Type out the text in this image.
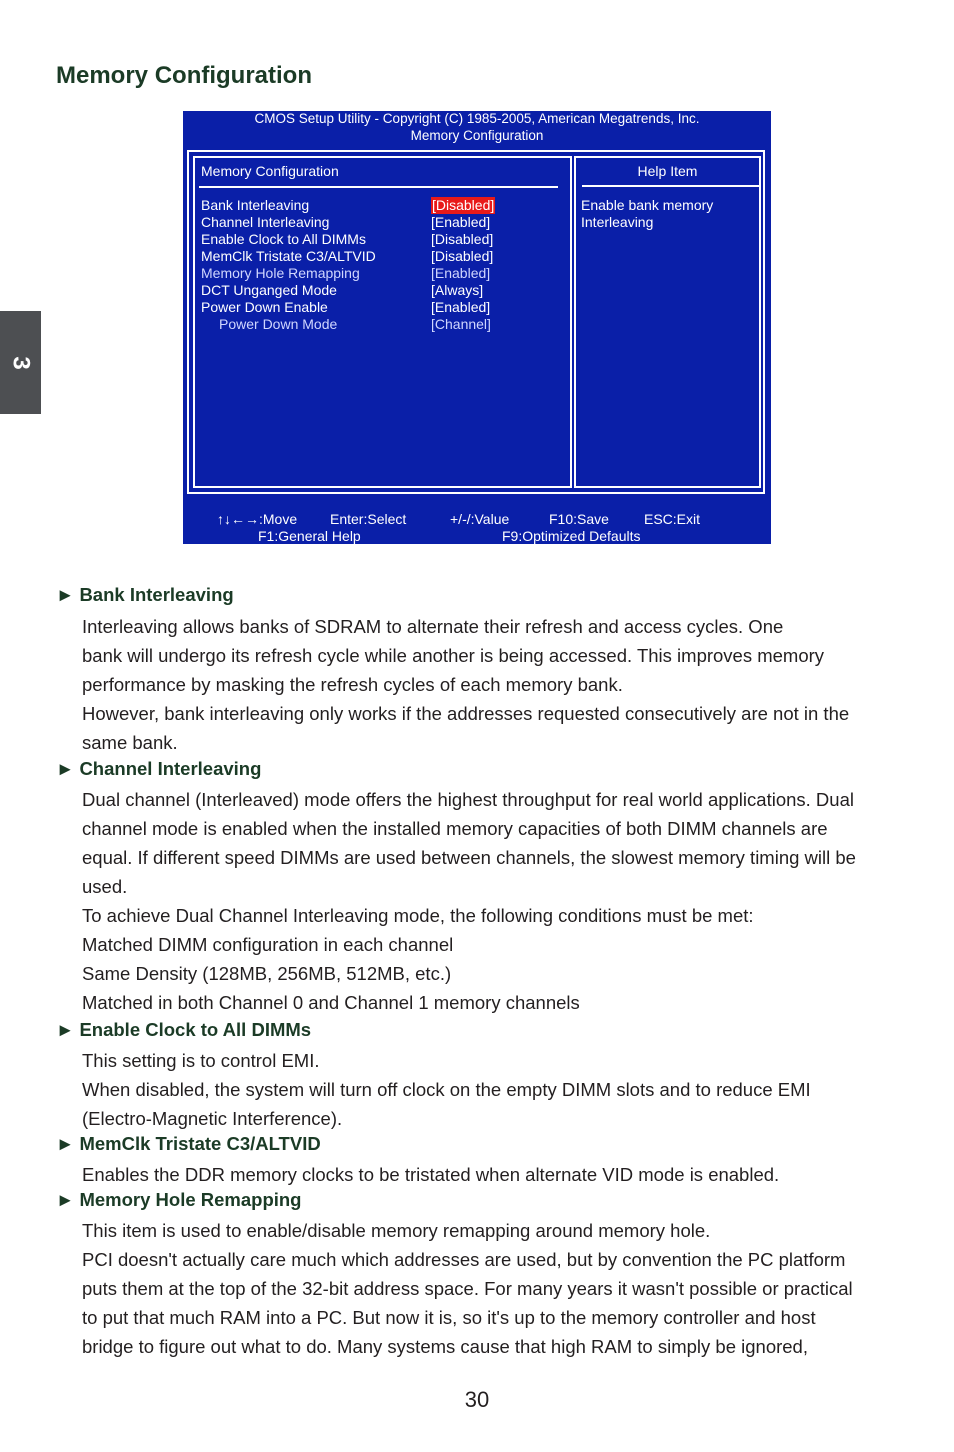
Memory Configuration
3
CMOS Setup Utility - Copyright (C) 1985-2005, American Megatrends, Inc.
Memory Configuration
Memory Configuration
Bank Interleaving	[Disabled]
Channel Interleaving	[Enabled]
Enable Clock to All DIMMs	[Disabled]
MemClk Tristate C3/ALTVID	[Disabled]
Memory Hole Remapping	[Enabled]
DCT Unganged Mode	[Always]
Power Down Enable	[Enabled]
Power Down Mode	[Channel]
Help Item
Enable bank memory Interleaving
↑↓←→:Move Enter:Select	+/-/:Value	F10:Save	ESC:Exit
F1:General Help	F9:Optimized Defaults
► Bank Interleaving

Interleaving allows banks of SDRAM to alternate their refresh and access cycles. One

bank will undergo its refresh cycle while another is being accessed. This improves memory

performance by masking the refresh cycles of each memory bank.

However, bank interleaving only works if the addresses requested consecutively are not in the

same bank.

► Channel Interleaving

Dual channel (Interleaved) mode offers the highest throughput for real world applications. Dual

channel mode is enabled when the installed memory capacities of both DIMM channels are

equal. If different speed DIMMs are used between channels, the slowest memory timing will be

used.

To achieve Dual Channel Interleaving mode, the following conditions must be met:

Matched DIMM configuration in each channel

Same Density (128MB, 256MB, 512MB, etc.)

Matched in both Channel 0 and Channel 1 memory channels

► Enable Clock to All DIMMs

This setting is to control EMI.

When disabled, the system will turn off clock on the empty DIMM slots and to reduce EMI

(Electro-Magnetic Interference).

► MemClk Tristate C3/ALTVID

Enables the DDR memory clocks to be tristated when alternate VID mode is enabled.

► Memory Hole Remapping

This item is used to enable/disable memory remapping around memory hole.

PCI doesn't actually care much which addresses are used, but by convention the PC platform

puts them at the top of the 32-bit address space. For many years it wasn't possible or practical

to put that much RAM into a PC. But now it is, so it's up to the memory controller and host

bridge to figure out what to do. Many systems cause that high RAM to simply be ignored,

30
